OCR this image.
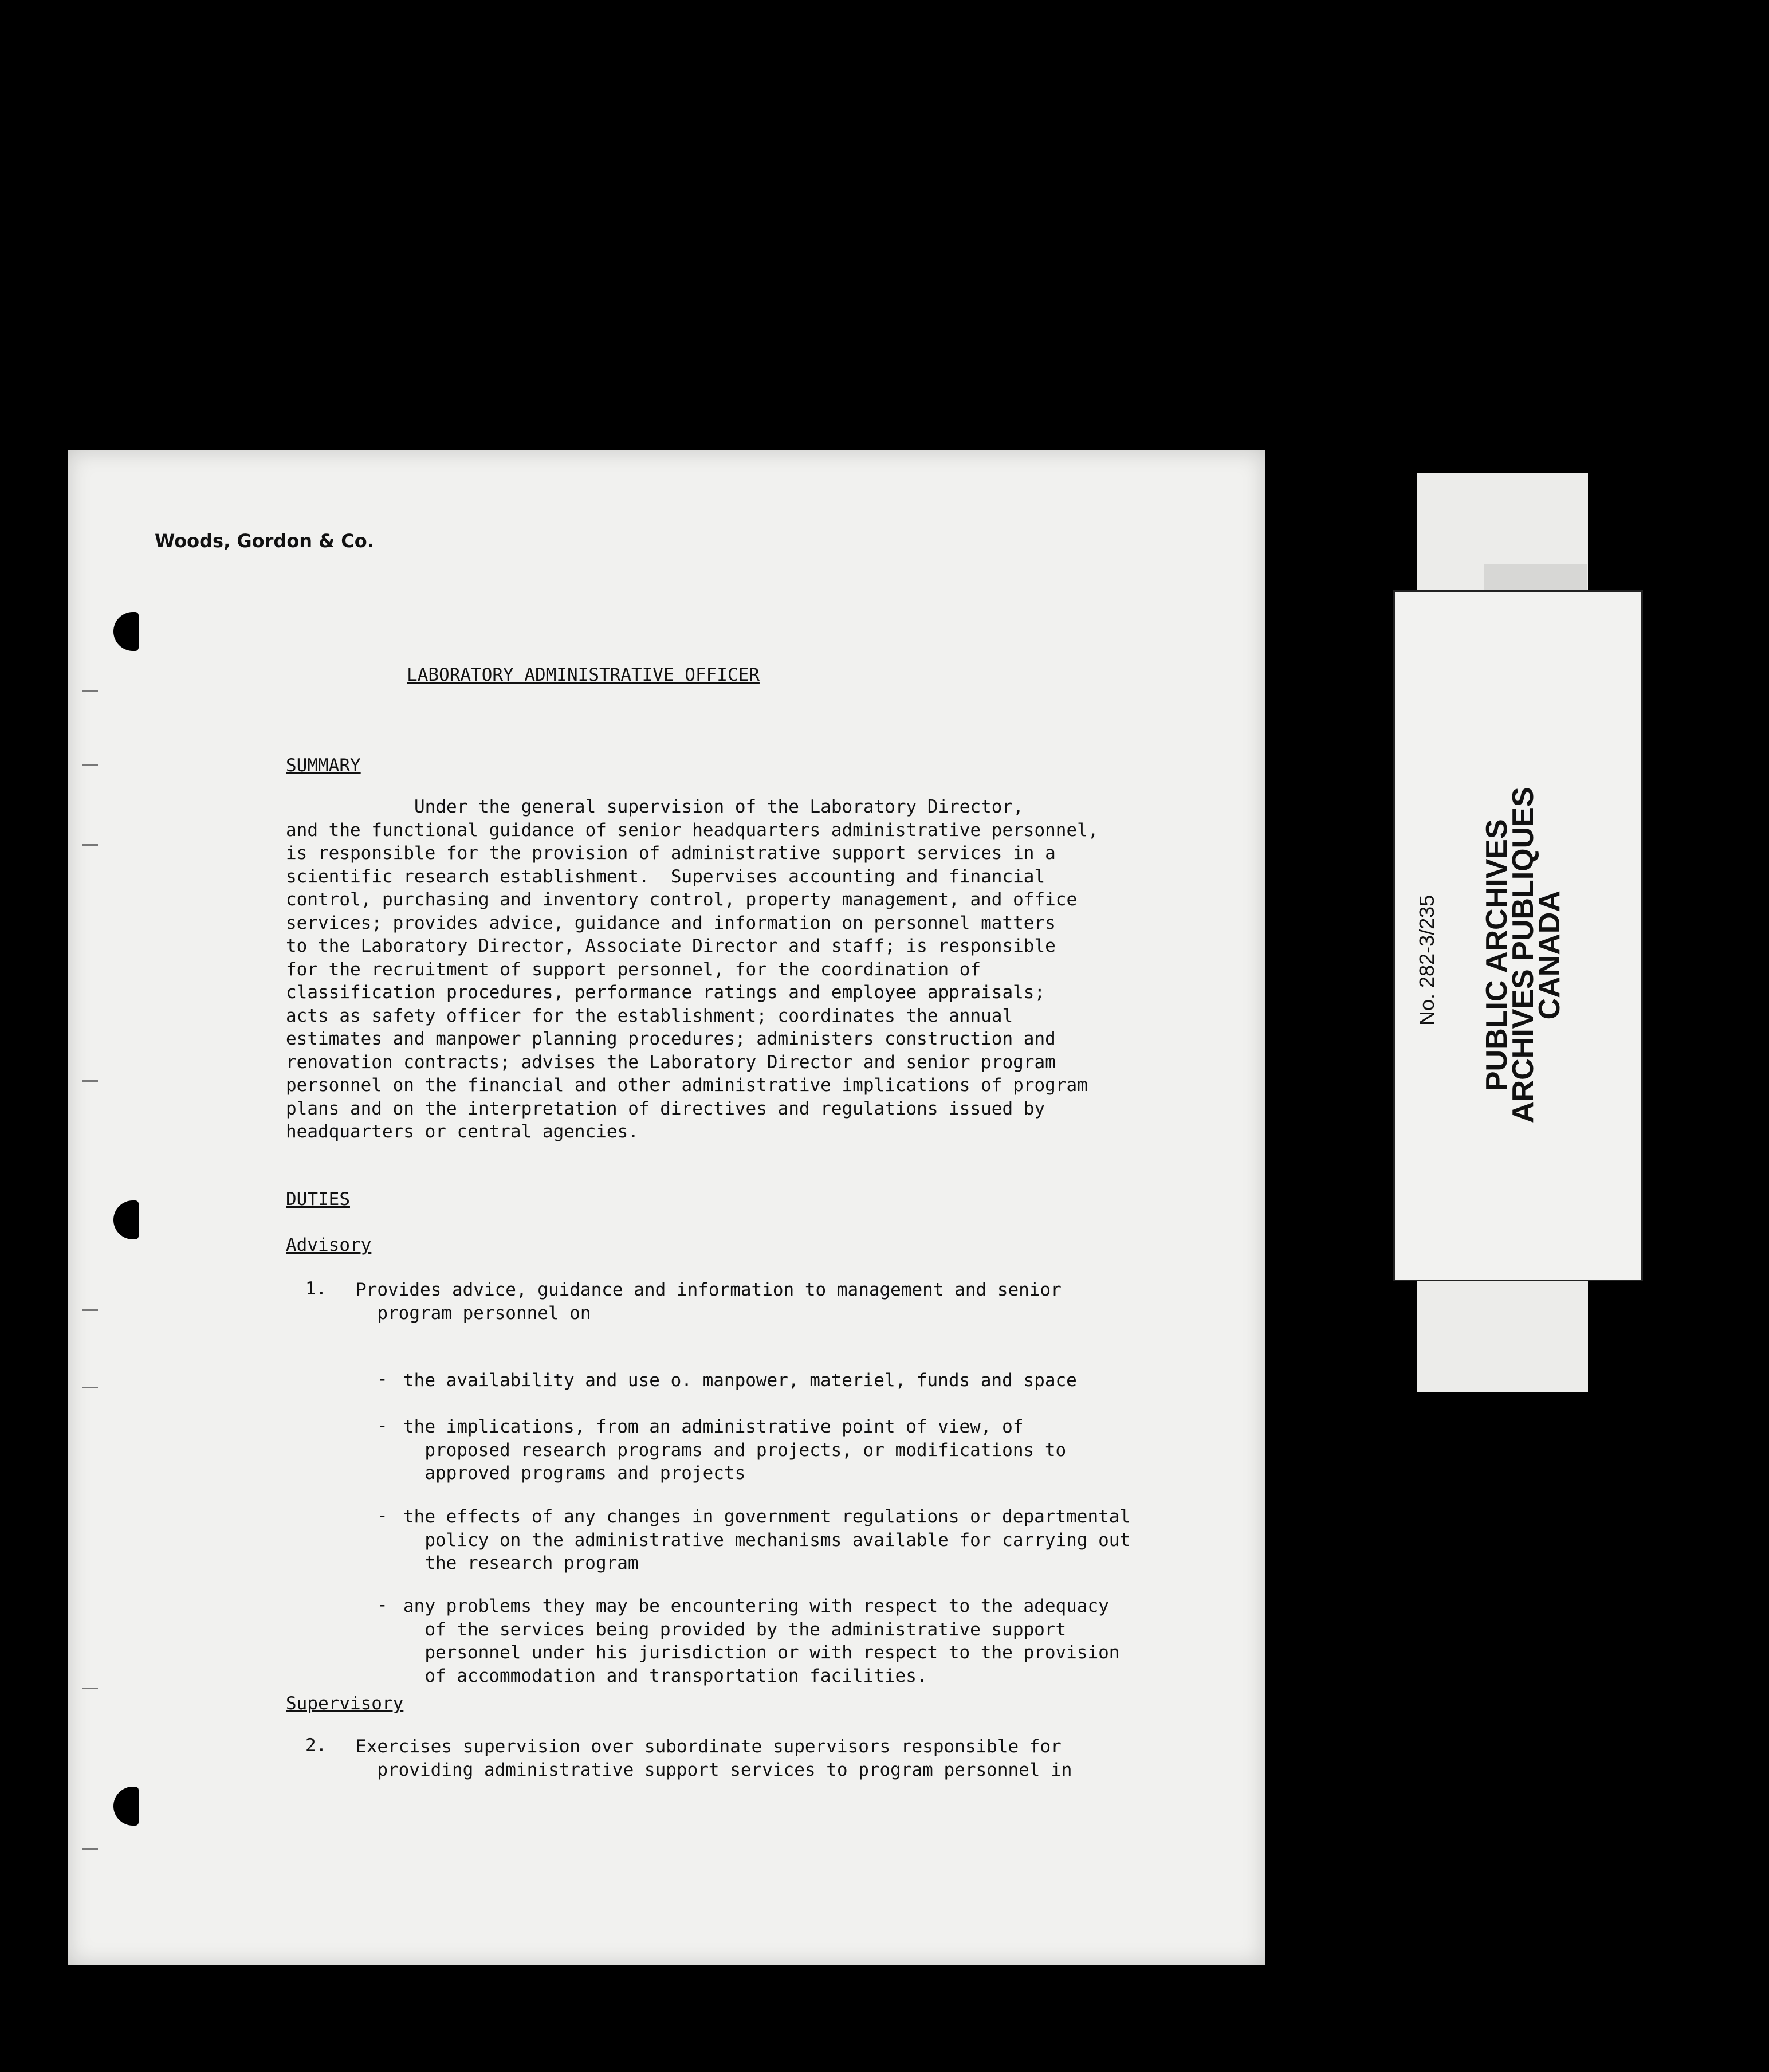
Woods, Gordon & Co.
LABORATORY ADMINISTRATIVE OFFICER
SUMMARY
Under the general supervision of the Laboratory Director,
and the functional guidance of senior headquarters administrative personnel,
is responsible for the provision of administrative support services in a
scientific research establishment.  Supervises accounting and financial
control, purchasing and inventory control, property management, and office
services; provides advice, guidance and information on personnel matters
to the Laboratory Director, Associate Director and staff; is responsible
for the recruitment of support personnel, for the coordination of
classification procedures, performance ratings and employee appraisals;
acts as safety officer for the establishment; coordinates the annual
estimates and manpower planning procedures; administers construction and
renovation contracts; advises the Laboratory Director and senior program
personnel on the financial and other administrative implications of program
plans and on the interpretation of directives and regulations issued by
headquarters or central agencies.
DUTIES
Advisory
1. Provides advice, guidance and information to management and senior
program personnel on
- the availability and use o. manpower, materiel, funds and space
- the implications, from an administrative point of view, of
proposed research programs and projects, or modifications to
approved programs and projects
- the effects of any changes in government regulations or departmental
policy on the administrative mechanisms available for carrying out
the research program
- any problems they may be encountering with respect to the adequacy
of the services being provided by the administrative support
personnel under his jurisdiction or with respect to the provision
of accommodation and transportation facilities.
Supervisory
2. Exercises supervision over subordinate supervisors responsible for
providing administrative support services to program personnel in
No. 282-3/235 PUBLIC ARCHIVES
ARCHIVES PUBLIQUES
CANADA
